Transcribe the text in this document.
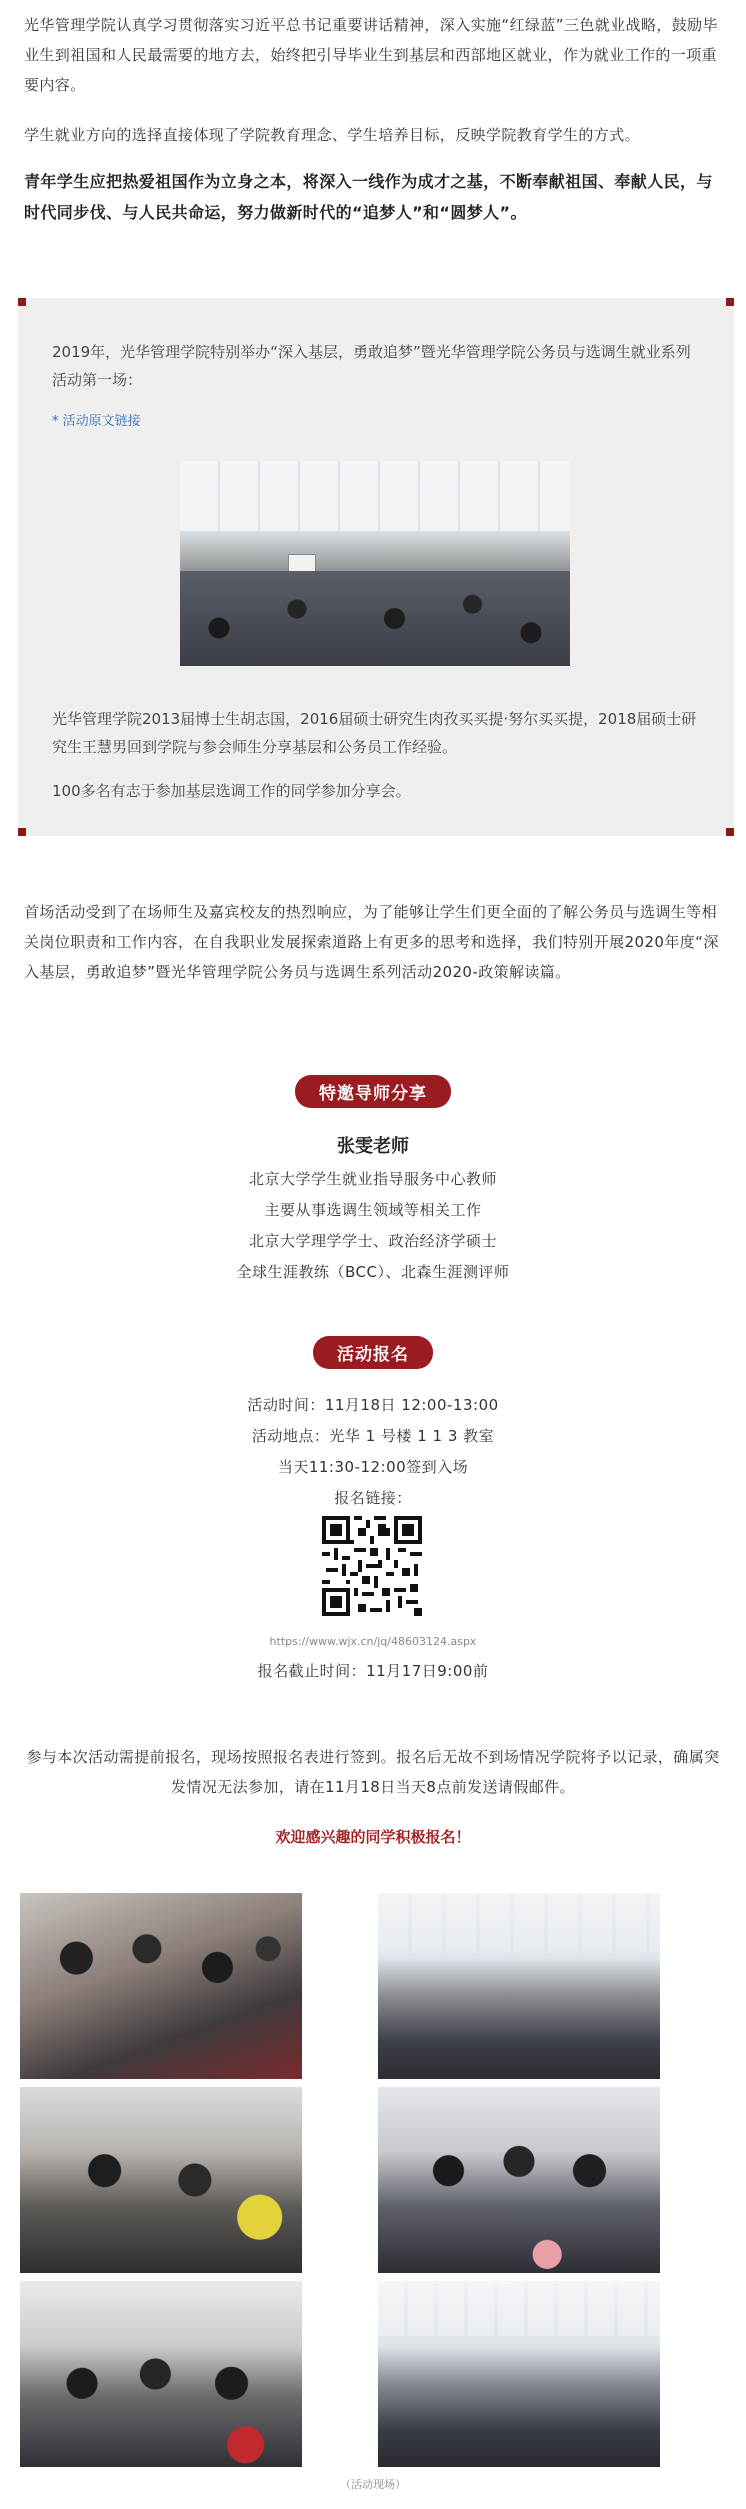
光华管理学院认真学习贯彻落实习近平总书记重要讲话精神，深入实施“红绿蓝”三色就业战略，鼓励毕业生到祖国和人民最需要的地方去，始终把引导毕业生到基层和西部地区就业，作为就业工作的一项重要内容。

学生就业方向的选择直接体现了学院教育理念、学生培养目标，反映学院教育学生的方式。

青年学生应把热爱祖国作为立身之本，将深入一线作为成才之基，不断奉献祖国、奉献人民，与时代同步伐、与人民共命运，努力做新时代的“追梦人”和“圆梦人”。

2019年，光华管理学院特别举办“深入基层，勇敢追梦”暨光华管理学院公务员与选调生就业系列活动第一场：

* 活动原文链接

光华管理学院2013届博士生胡志国，2016届硕士研究生肉孜买买提·努尔买买提，2018届硕士研究生王慧男回到学院与参会师生分享基层和公务员工作经验。

100多名有志于参加基层选调工作的同学参加分享会。

首场活动受到了在场师生及嘉宾校友的热烈响应，为了能够让学生们更全面的了解公务员与选调生等相关岗位职责和工作内容，在自我职业发展探索道路上有更多的思考和选择，我们特别开展2020年度“深入基层，勇敢追梦”暨光华管理学院公务员与选调生系列活动2020-政策解读篇。

特邀导师分享

张雯老师

北京大学学生就业指导服务中心教师

主要从事选调生领域等相关工作

北京大学理学学士、政治经济学硕士

全球生涯教练（BCC）、北森生涯测评师

活动报名

活动时间：11月18日 12:00-13:00

活动地点：光华 1 号楼 1 1 3 教室

当天11:30-12:00签到入场

报名链接：

https://www.wjx.cn/jq/48603124.aspx

报名截止时间：11月17日9:00前

参与本次活动需提前报名，现场按照报名表进行签到。报名后无故不到场情况学院将予以记录，确属突发情况无法参加，请在11月18日当天8点前发送请假邮件。

欢迎感兴趣的同学积极报名！
（活动现场）
